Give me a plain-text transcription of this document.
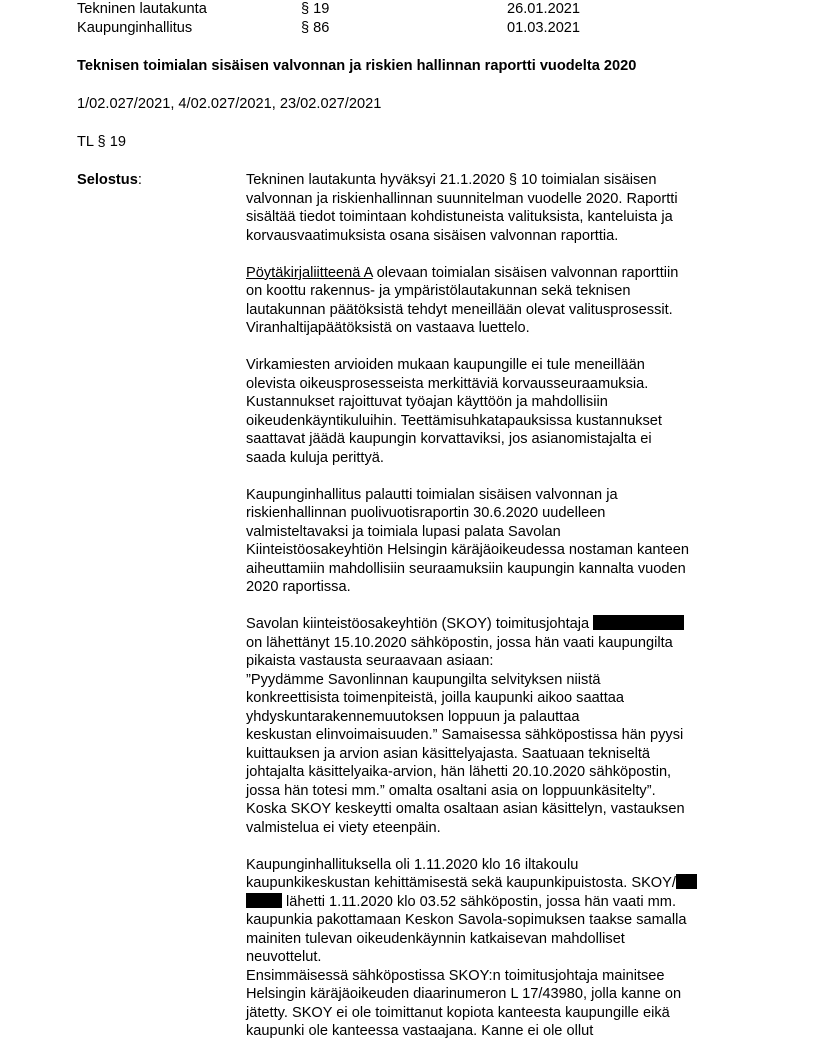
Tekninen lautakunta	§ 19	26.01.2021
Kaupunginhallitus	§ 86	01.03.2021
Teknisen toimialan sisäisen valvonnan ja riskien hallinnan raportti vuodelta 2020
1/02.027/2021, 4/02.027/2021, 23/02.027/2021
TL § 19
Selostus:	Tekninen lautakunta hyväksyi 21.1.2020 § 10 toimialan sisäisen
valvonnan ja riskienhallinnan suunnitelman vuodelle 2020. Raportti
sisältää tiedot toimintaan kohdistuneista valituksista, kanteluista ja
korvausvaatimuksista osana sisäisen valvonnan raporttia.
Pöytäkirjaliitteenä A olevaan toimialan sisäisen valvonnan raporttiin
on koottu rakennus- ja ympäristölautakunnan sekä teknisen
lautakunnan päätöksistä tehdyt meneillään olevat valitusprosessit.
Viranhaltijapäätöksistä on vastaava luettelo.
Virkamiesten arvioiden mukaan kaupungille ei tule meneillään
olevista oikeusprosesseista merkittäviä korvausseuraamuksia.
Kustannukset rajoittuvat työajan käyttöön ja mahdollisiin
oikeudenkäyntikuluihin. Teettämisuhkatapauksissa kustannukset
saattavat jäädä kaupungin korvattaviksi, jos asianomistajalta ei
saada kuluja perittyä.
Kaupunginhallitus palautti toimialan sisäisen valvonnan ja
riskienhallinnan puolivuotisraportin 30.6.2020 uudelleen
valmisteltavaksi ja toimiala lupasi palata Savolan
Kiinteistöosakeyhtiön Helsingin käräjäoikeudessa nostaman kanteen
aiheuttamiin mahdollisiin seuraamuksiin kaupungin kannalta vuoden
2020 raportissa.
Savolan kiinteistöosakeyhtiön (SKOY) toimitusjohtaja
on lähettänyt 15.10.2020 sähköpostin, jossa hän vaati kaupungilta
pikaista vastausta seuraavaan asiaan:
”Pyydämme Savonlinnan kaupungilta selvityksen niistä
konkreettisista toimenpiteistä, joilla kaupunki aikoo saattaa
yhdyskuntarakennemuutoksen loppuun ja palauttaa
keskustan elinvoimaisuuden.” Samaisessa sähköpostissa hän pyysi
kuittauksen ja arvion asian käsittelyajasta. Saatuaan tekniseltä
johtajalta käsittelyaika-arvion, hän lähetti 20.10.2020 sähköpostin,
jossa hän totesi mm.” omalta osaltani asia on loppuunkäsitelty”.
Koska SKOY keskeytti omalta osaltaan asian käsittelyn, vastauksen
valmistelua ei viety eteenpäin.
Kaupunginhallituksella oli 1.11.2020 klo 16 iltakoulu
kaupunkikeskustan kehittämisestä sekä kaupunkipuistosta. SKOY/
lähetti 1.11.2020 klo 03.52 sähköpostin, jossa hän vaati mm.
kaupunkia pakottamaan Keskon Savola-sopimuksen taakse samalla
mainiten tulevan oikeudenkäynnin katkaisevan mahdolliset
neuvottelut.
Ensimmäisessä sähköpostissa SKOY:n toimitusjohtaja mainitsee
Helsingin käräjäoikeuden diaarinumeron L 17/43980, jolla kanne on
jätetty. SKOY ei ole toimittanut kopiota kanteesta kaupungille eikä
kaupunki ole kanteessa vastaajana. Kanne ei ole ollut
